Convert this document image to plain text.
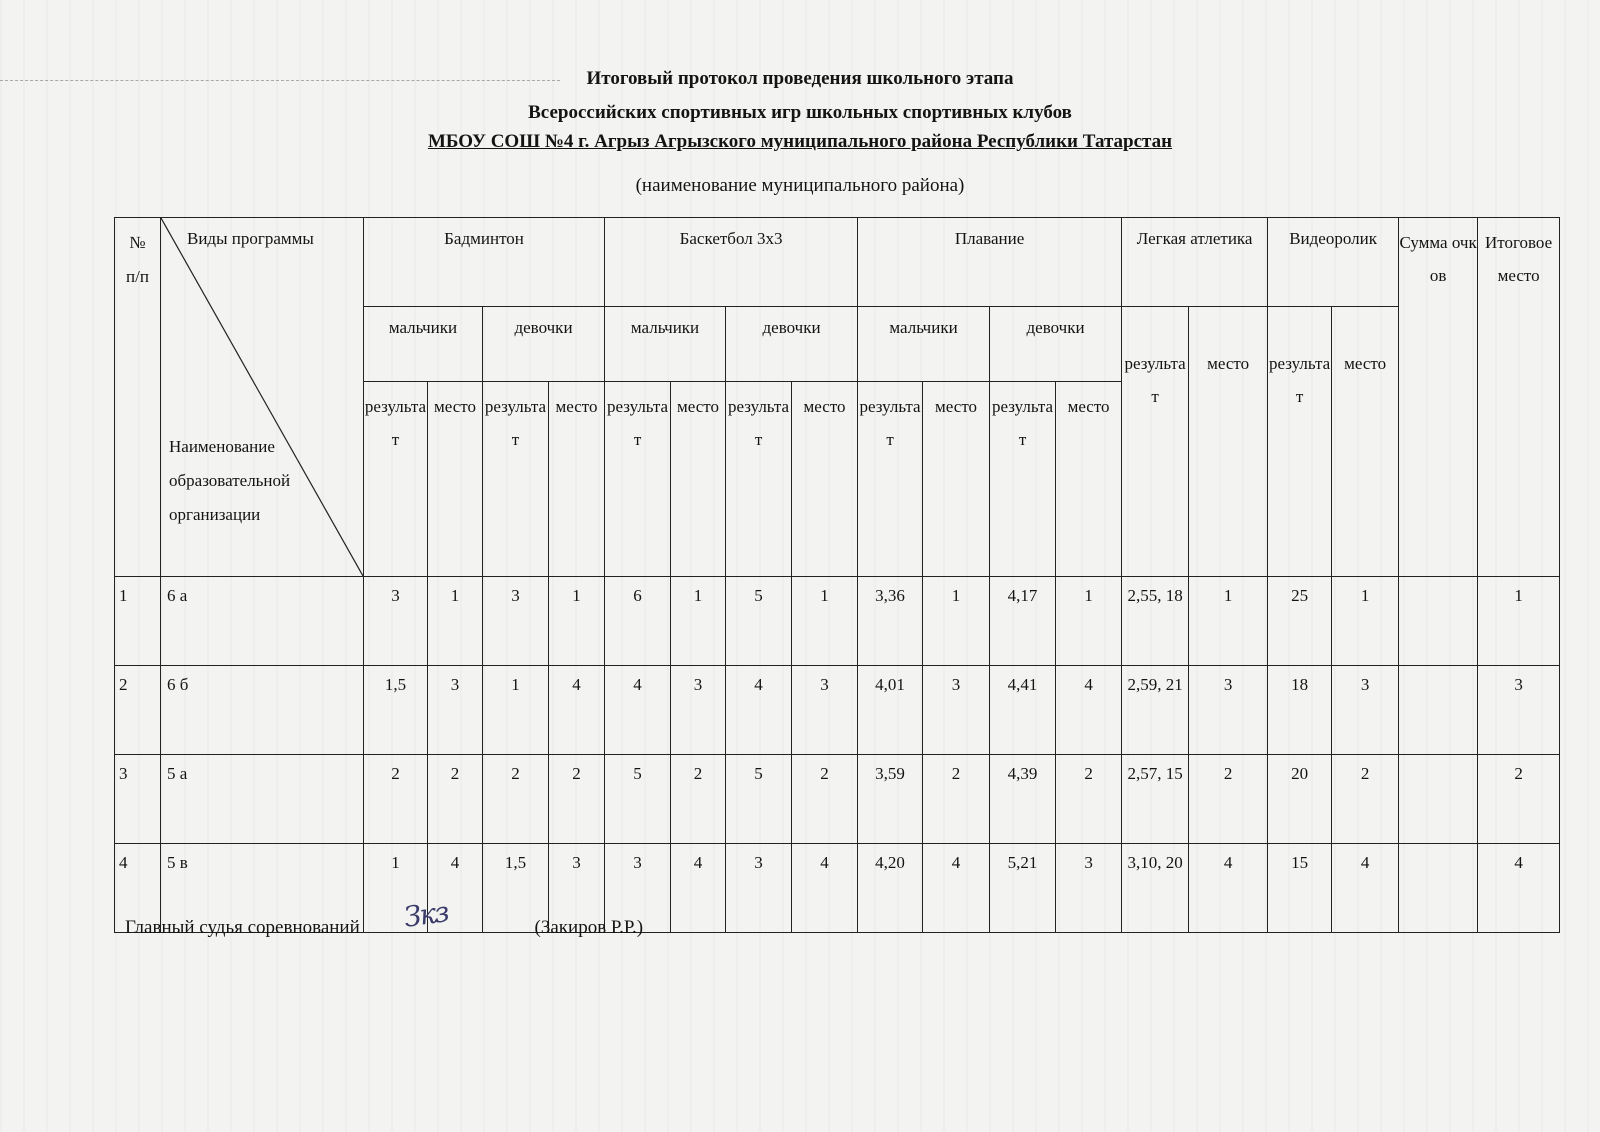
Итоговый протокол проведения школьного этапа
Всероссийских спортивных игр школьных спортивных клубов
МБОУ СОШ №4 г. Агрыз Агрызского муниципального района Республики Татарстан
(наименование муниципального района)
№ п/п	Виды программы
Наименование
образовательной
организации	Бадминтон				Баскетбол 3х3				Плавание				Легкая атлетика		Видеоролик		Сумма очков	Итоговое место
		мальчики		девочки		мальчики		девочки		мальчики		девочки		результат	место	результат	место		
		результат	место	результат	место	результат	место	результат	место	результат	место	результат	место						
1	6 а	3	1	3	1	6	1	5	1	3,36	1	4,17	1	2,55, 18	1	25	1		1
2	6 б	1,5	3	1	4	4	3	4	3	4,01	3	4,41	4	2,59, 21	3	18	3		3
3	5 а	2	2	2	2	5	2	5	2	3,59	2	4,39	2	2,57, 15	2	20	2		2
4	5 в	1	4	1,5	3	3	4	3	4	4,20	4	5,21	3	3,10, 20	4	15	4		4
Главный судья соревнований Зкз	(Закиров Р.Р.)
